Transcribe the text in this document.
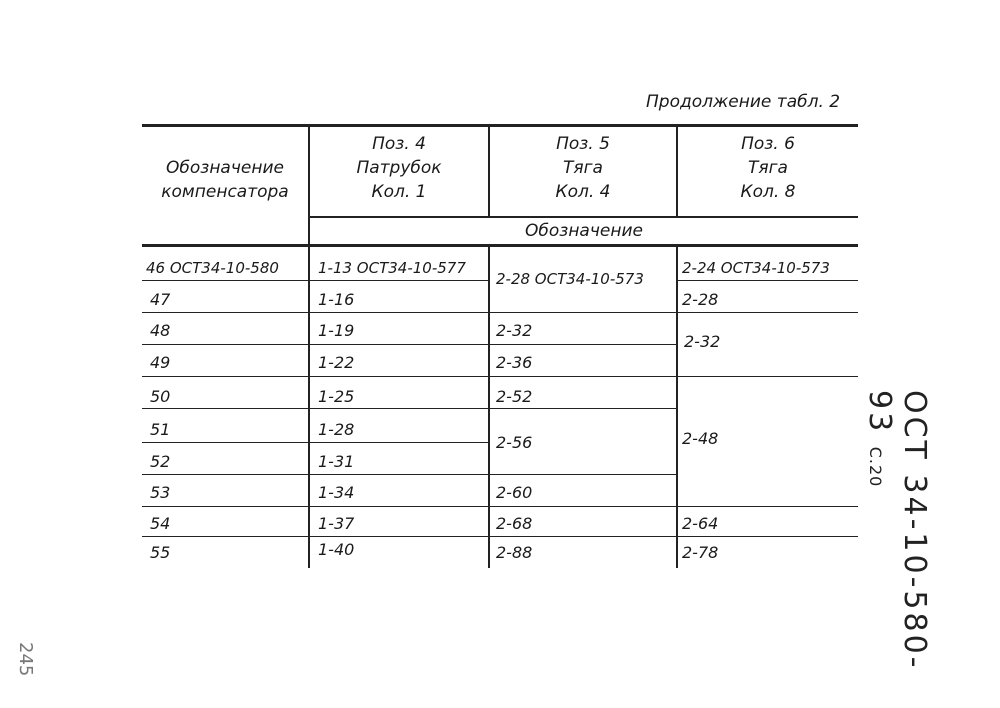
Продолжение табл. 2
Обозначение
компенсатора
Поз. 4
Патрубок
Кол. 1
Поз. 5
Тяга
Кол. 4
Поз. 6
Тяга
Кол. 8
Обозначение
46 ОСТ34-10-580
47
48
49
50
51
52
53
54
55
1-13 ОСТ34-10-577
1-16
1-19
1-22
1-25
1-28
1-31
1-34
1-37
1-40
2-28 ОСТ34-10-573
2-32
2-36
2-52
2-56
2-60
2-68
2-88
2-24 ОСТ34-10-573
2-28
2-32
2-48
2-64
2-78	ОСТ 34-10-580-93 С.20
245
